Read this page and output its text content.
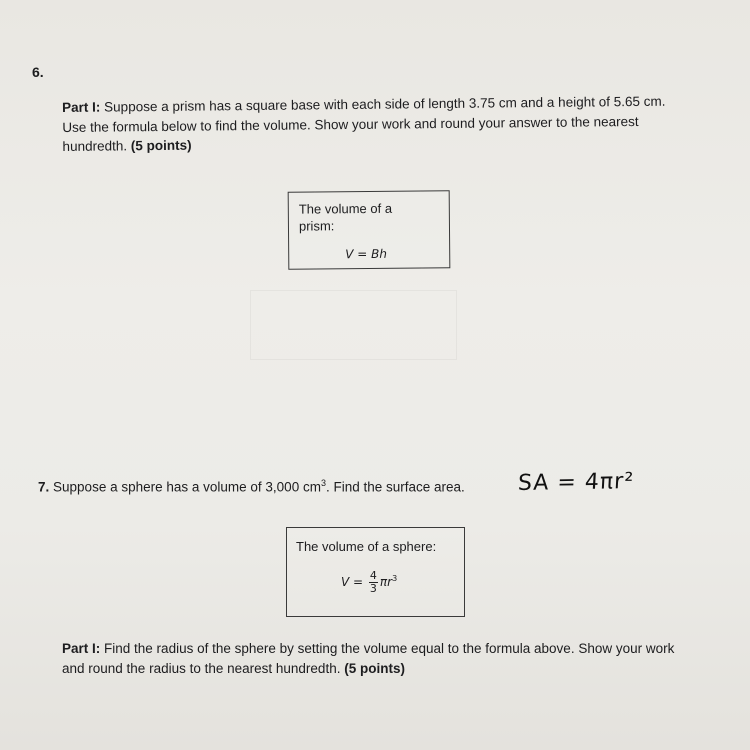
6.
Part I: Suppose a prism has a square base with each side of length 3.75 cm and a height of 5.65 cm.
Use the formula below to find the volume. Show your work and round your answer to the nearest
hundredth. (5 points)
The volume of a
prism:
V = Bh
7. Suppose a sphere has a volume of 3,000 $cm^3$. Find the surface area. SA = 4πr²
The volume of a sphere:
$V = \frac{4}{3} \pi r^3$
Part I: Find the radius of the sphere by setting the volume equal to the formula above. Show your work
and round the radius to the nearest hundredth. (5 points)
